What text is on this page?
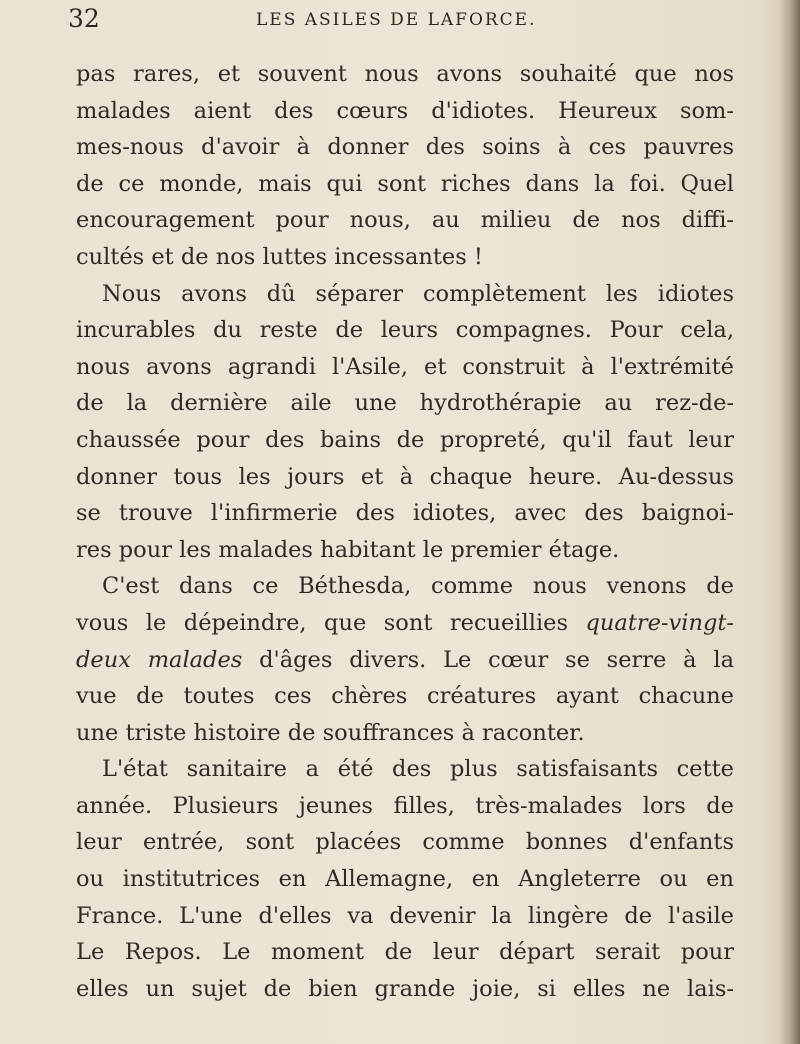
32	LES ASILES DE LAFORCE.
pas rares, et souvent nous avons souhaité que nos
malades aient des cœurs d'idiotes. Heureux som-
mes-nous d'avoir à donner des soins à ces pauvres
de ce monde, mais qui sont riches dans la foi. Quel
encouragement pour nous, au milieu de nos diffi-
cultés et de nos luttes incessantes !
Nous avons dû séparer complètement les idiotes
incurables du reste de leurs compagnes. Pour cela,
nous avons agrandi l'Asile, et construit à l'extrémité
de la dernière aile une hydrothérapie au rez-de-
chaussée pour des bains de propreté, qu'il faut leur
donner tous les jours et à chaque heure. Au-dessus
se trouve l'infirmerie des idiotes, avec des baignoi-
res pour les malades habitant le premier étage.
C'est dans ce Béthesda, comme nous venons de
vous le dépeindre, que sont recueillies quatre-vingt-
deux malades d'âges divers. Le cœur se serre à la
vue de toutes ces chères créatures ayant chacune
une triste histoire de souffrances à raconter.
L'état sanitaire a été des plus satisfaisants cette
année. Plusieurs jeunes filles, très-malades lors de
leur entrée, sont placées comme bonnes d'enfants
ou institutrices en Allemagne, en Angleterre ou en
France. L'une d'elles va devenir la lingère de l'asile
Le Repos. Le moment de leur départ serait pour
elles un sujet de bien grande joie, si elles ne lais-
